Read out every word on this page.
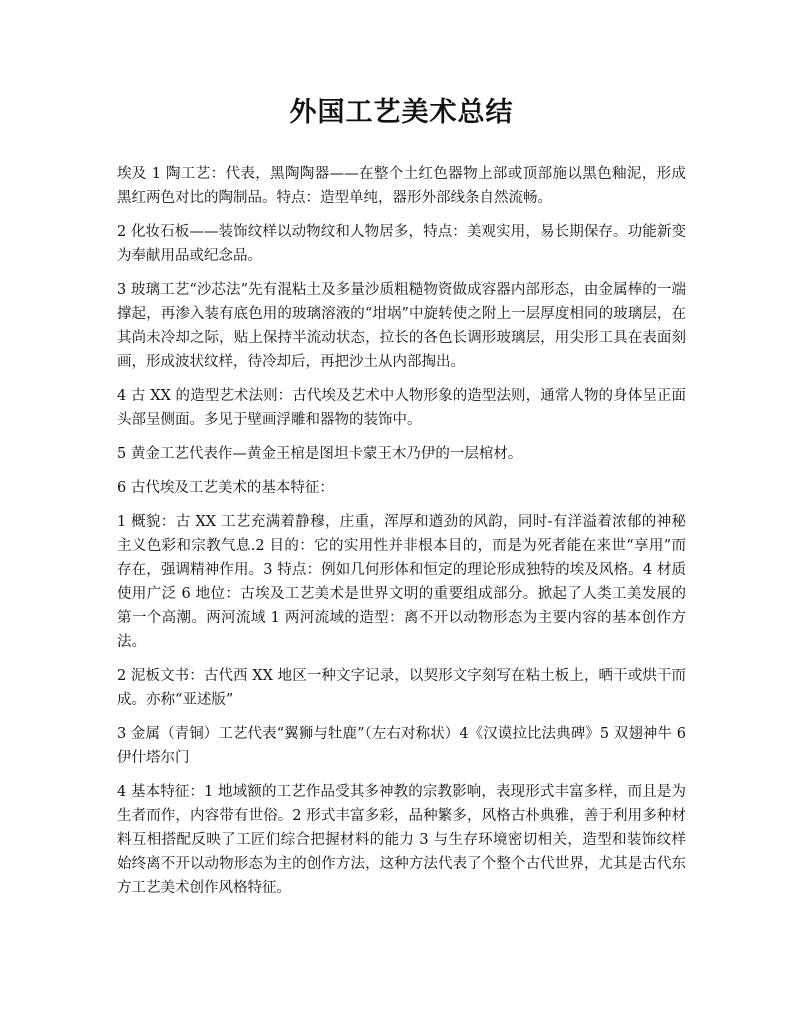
外国工艺美术总结

埃及 1 陶工艺：代表，黑陶陶器——在整个土红色器物上部或顶部施以黑色釉泥，形成黑红两色对比的陶制品。特点：造型单纯，器形外部线条自然流畅。

2 化妆石板——装饰纹样以动物纹和人物居多，特点：美观实用，易长期保存。功能新变为奉献用品或纪念品。

3 玻璃工艺“沙芯法”先有混粘土及多量沙质粗糙物资做成容器内部形态，由金属棒的一端撑起，再渗入装有底色用的玻璃溶液的“坩埚”中旋转使之附上一层厚度相同的玻璃层，在其尚未冷却之际，贴上保持半流动状态，拉长的各色长调形玻璃层，用尖形工具在表面刻画，形成波状纹样，待冷却后，再把沙土从内部掏出。

4 古 XX 的造型艺术法则：古代埃及艺术中人物形象的造型法则，通常人物的身体呈正面头部呈侧面。多见于壁画浮雕和器物的装饰中。

5 黄金工艺代表作—黄金王棺是图坦卡蒙王木乃伊的一层棺材。

6 古代埃及工艺美术的基本特征：

1 概貌：古 XX 工艺充满着静穆，庄重，浑厚和遒劲的风韵，同时-有洋溢着浓郁的神秘主义色彩和宗教气息.2 目的：它的实用性并非根本目的，而是为死者能在来世“享用”而存在，强调精神作用。3 特点：例如几何形体和恒定的理论形成独特的埃及风格。4 材质使用广泛 6 地位：古埃及工艺美术是世界文明的重要组成部分。掀起了人类工美发展的第一个高潮。两河流域 1 两河流域的造型：离不开以动物形态为主要内容的基本创作方法。

2 泥板文书：古代西 XX 地区一种文字记录，以契形文字刻写在粘土板上，晒干或烘干而成。亦称“亚述版”

3 金属（青铜）工艺代表“翼狮与牡鹿”（左右对称状）4《汉谟拉比法典碑》5 双翅神牛 6 伊什塔尔门

4 基本特征：1 地域额的工艺作品受其多神教的宗教影响，表现形式丰富多样，而且是为生者而作，内容带有世俗。2 形式丰富多彩，品种繁多，风格古朴典雅，善于利用多种材料互相搭配反映了工匠们综合把握材料的能力 3 与生存环境密切相关，造型和装饰纹样始终离不开以动物形态为主的创作方法，这种方法代表了个整个古代世界，尤其是古代东方工艺美术创作风格特征。
